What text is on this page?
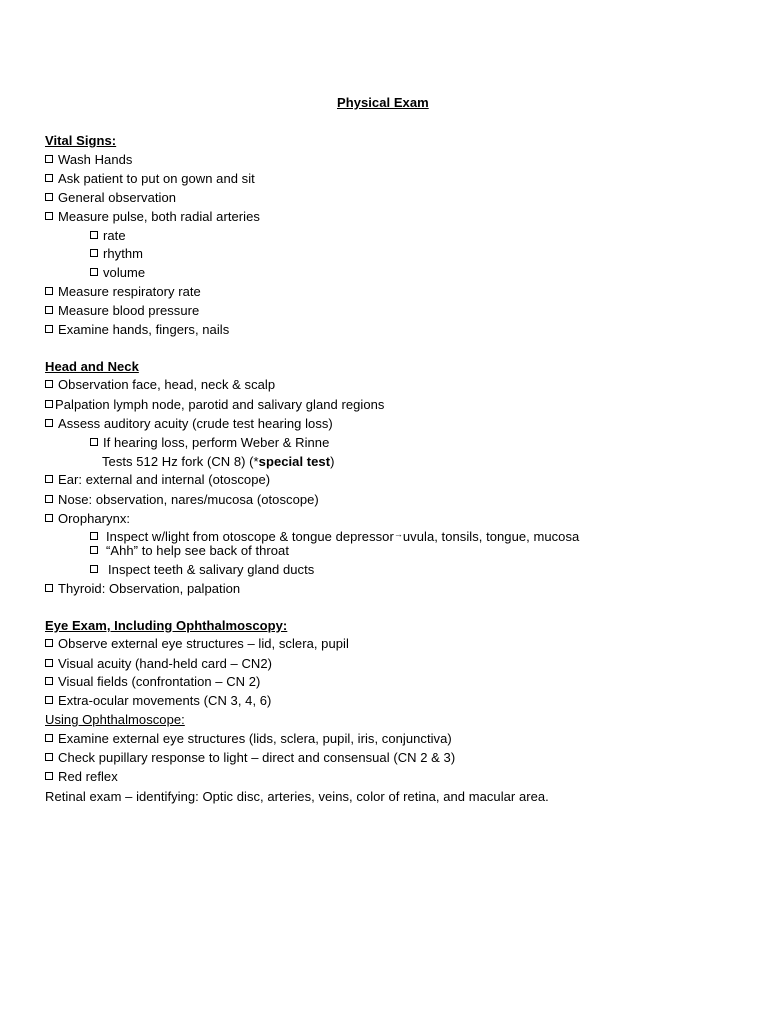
Physical Exam
Vital Signs:
Wash Hands
Ask patient to put on gown and sit
General observation
Measure pulse, both radial arteries
rate
rhythm
volume
Measure respiratory rate
Measure blood pressure
Examine hands, fingers, nails
Head and Neck
Observation face, head, neck & scalp
Palpation lymph node, parotid and salivary gland regions
Assess auditory acuity (crude test hearing loss)
If hearing loss, perform Weber & Rinne
Tests 512 Hz fork (CN 8) (*special test)
Ear: external and internal (otoscope)
Nose: observation, nares/mucosa (otoscope)
Oropharynx:
Inspect w/light from otoscope & tongue depressor→uvula, tonsils, tongue, mucosa
“Ahh” to help see back of throat
Inspect teeth & salivary gland ducts
Thyroid: Observation, palpation
Eye Exam, Including Ophthalmoscopy:
Observe external eye structures – lid, sclera, pupil
Visual acuity (hand-held card – CN2)
Visual fields (confrontation – CN 2)
Extra-ocular movements (CN 3, 4, 6)
Using Ophthalmoscope:
Examine external eye structures (lids, sclera, pupil, iris, conjunctiva)
Check pupillary response to light – direct and consensual (CN 2 & 3)
Red reflex
Retinal exam – identifying: Optic disc, arteries, veins, color of retina, and macular area.
